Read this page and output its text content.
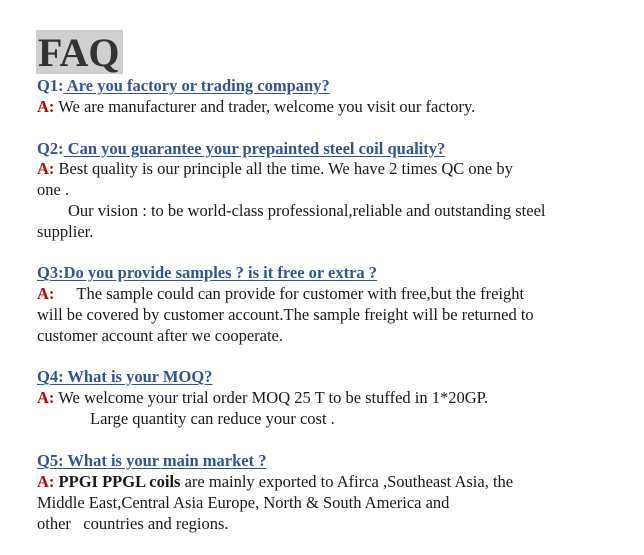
FAQ
Q1: Are you factory or trading company?
A: We are manufacturer and trader, welcome you visit our factory.
Q2: Can you guarantee your prepainted steel coil quality?
A: Best quality is our principle all the time. We have 2 times QC one by
one .
Our vision : to be world-class professional,reliable and outstanding steel
supplier.
Q3:Do you provide samples ? is it free or extra ?
A: The sample could can provide for customer with free,but the freight
will be covered by customer account.The sample freight will be returned to
customer account after we cooperate.
Q4: What is your MOQ?
A: We welcome your trial order MOQ 25 T to be stuffed in 1*20GP.
Large quantity can reduce your cost .
Q5: What is your main market ?
A: PPGI PPGL coils are mainly exported to Afirca ,Southeast Asia, the
Middle East,Central Asia Europe, North & South America and
other   countries and regions.
